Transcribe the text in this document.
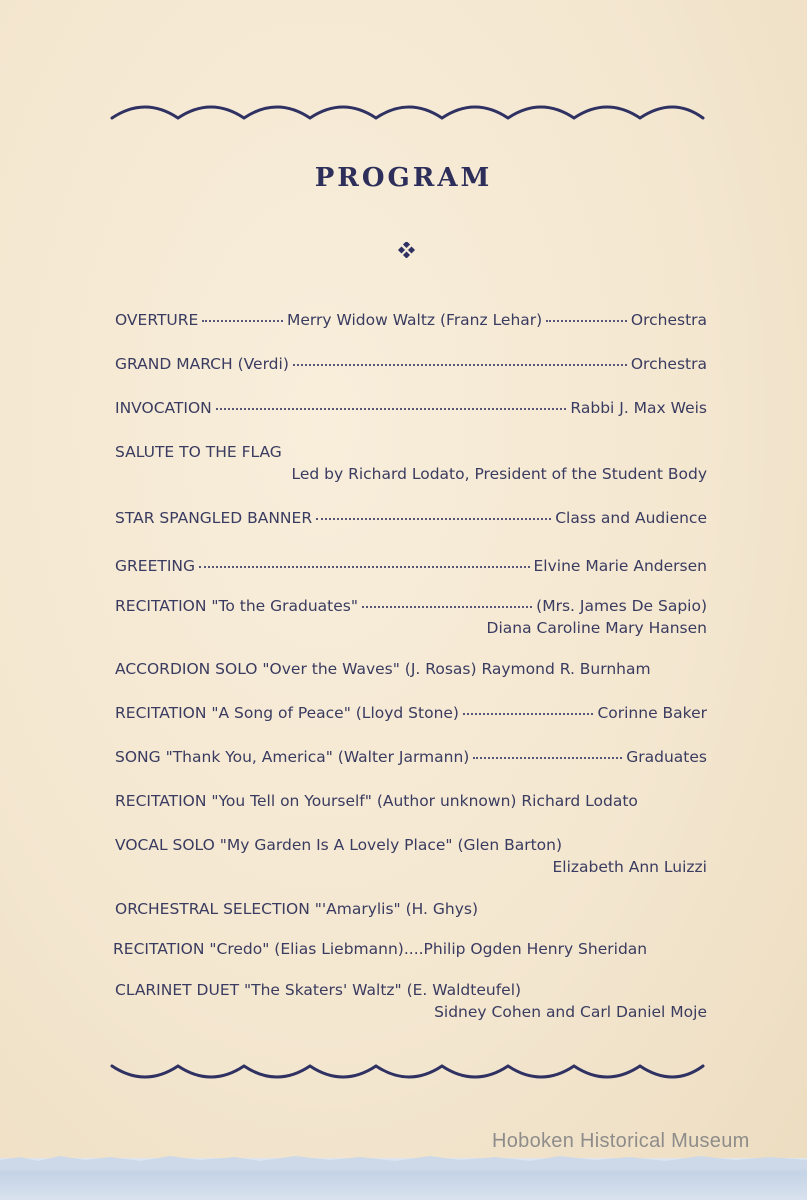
PROGRAM
OVERTURE	Merry Widow Waltz (Franz Lehar)	Orchestra
GRAND MARCH (Verdi)	Orchestra
INVOCATION	Rabbi J. Max Weis
SALUTE TO THE FLAG
Led by Richard Lodato, President of the Student Body
STAR SPANGLED BANNER	Class and Audience
GREETING	Elvine Marie Andersen
RECITATION "To the Graduates"	(Mrs. James De Sapio)
Diana Caroline Mary Hansen
ACCORDION SOLO "Over the Waves" (J. Rosas) Raymond R. Burnham
RECITATION "A Song of Peace" (Lloyd Stone)	Corinne Baker
SONG "Thank You, America" (Walter Jarmann)	Graduates
RECITATION "You Tell on Yourself" (Author unknown) Richard Lodato
VOCAL SOLO "My Garden Is A Lovely Place" (Glen Barton)
Elizabeth Ann Luizzi
ORCHESTRAL SELECTION "'Amarylis" (H. Ghys)
RECITATION "Credo" (Elias Liebmann)....Philip Ogden Henry Sheridan
CLARINET DUET "The Skaters' Waltz" (E. Waldteufel)
Sidney Cohen and Carl Daniel Moje
Hoboken Historical Museum
